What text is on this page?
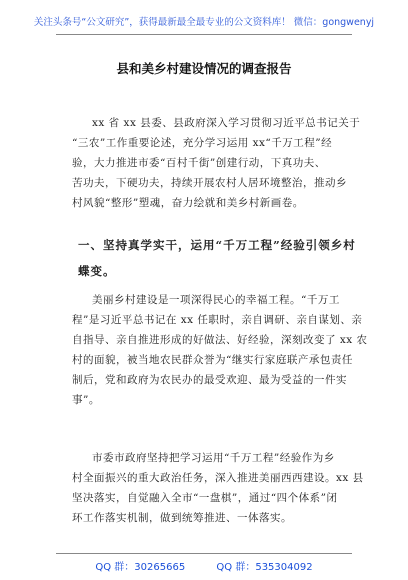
关注头条号“公文研究”，获得最新最全最专业的公文资料库！ 微信：gongwenyj
县和美乡村建设情况的调查报告
xx 省 xx 县委、县政府深入学习贯彻习近平总书记关于
“三农”工作重要论述，充分学习运用 xx“千万工程”经
验，大力推进市委“百村千街”创建行动，下真功夫、
苦功夫，下硬功夫，持续开展农村人居环境整治，推动乡
村风貌“整形”塑魂，奋力绘就和美乡村新画卷。
一、坚持真学实干，运用“千万工程”经验引领乡村
蝶变。
美丽乡村建设是一项深得民心的幸福工程。“千万工
程”是习近平总书记在 xx 任职时，亲自调研、亲自谋划、亲
自指导、亲自推进形成的好做法、好经验，深刻改变了 xx 农
村的面貌，被当地农民群众誉为“继实行家庭联产承包责任
制后，党和政府为农民办的最受欢迎、最为受益的一件实
事”。
市委市政府坚持把学习运用“千万工程”经验作为乡
村全面振兴的重大政治任务，深入推进美丽西西建设。xx 县
坚决落实，自觉融入全市“一盘棋”，通过“四个体系”闭
环工作落实机制，做到统筹推进、一体落实。
QQ 群：30265665	QQ 群：535304092
